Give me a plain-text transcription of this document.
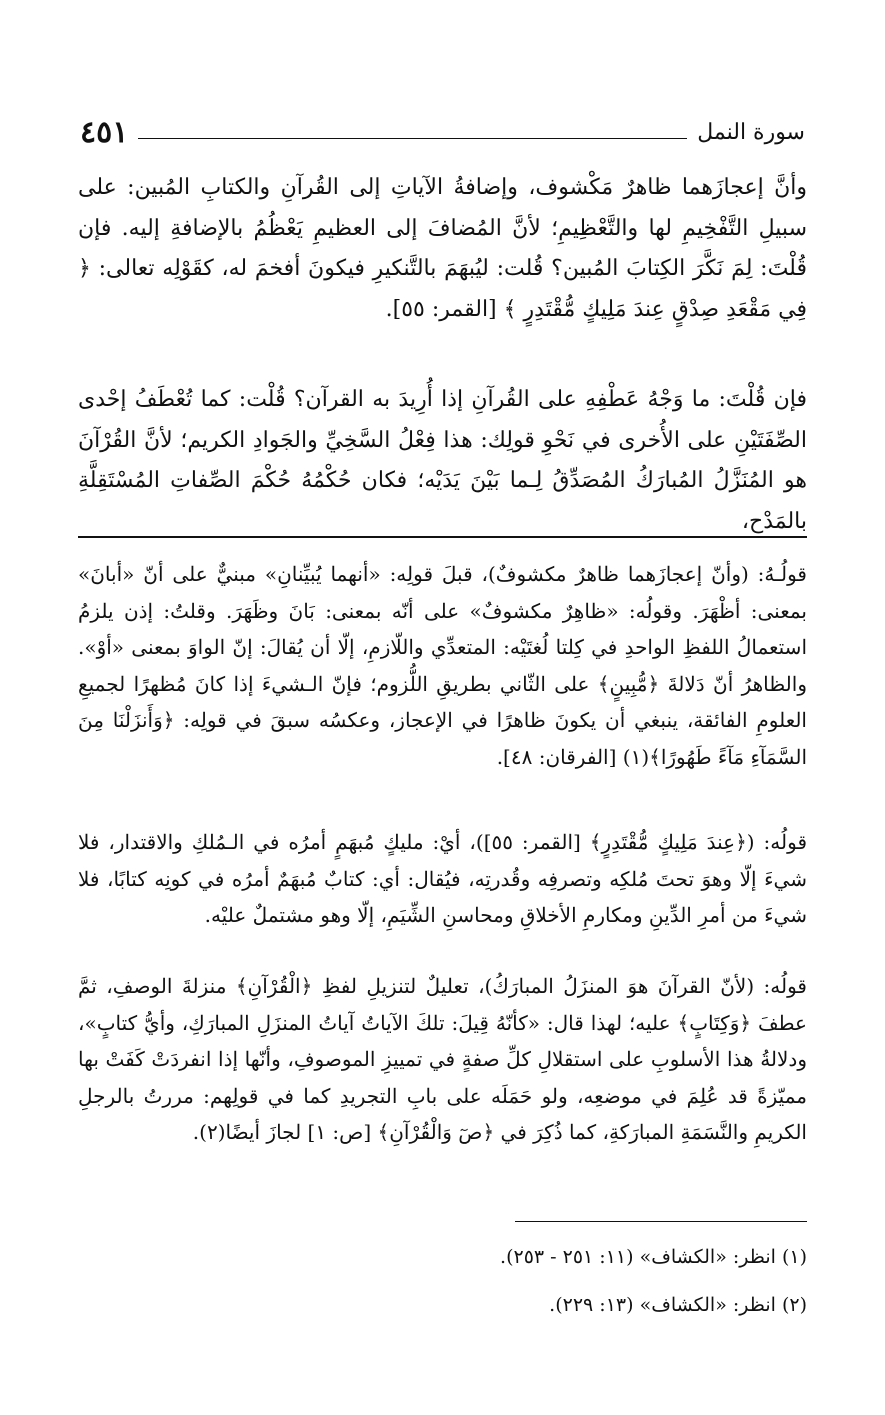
سورة النمل
٤٥١

وأنَّ إعجازَهما ظاهرٌ مَكْشوف، وإضافةُ الآياتِ إلى القُرآنِ والكتابِ المُبين: على سبيلِ التَّفْخِيمِ لها والتَّعْظِيمِ؛ لأنَّ المُضافَ إلى العظيمِ يَعْظُمُ بالإضافةِ إليه. فإن قُلْتَ: لِمَ نَكَّرَ الكِتابَ المُبين؟ قُلت: ليُبهَمَ بالتَّنكيرِ فيكونَ أفخمَ له، كقَوْلِه تعالى: ﴿ فِي مَقْعَدِ صِدْقٍ عِندَ مَلِيكٍ مُّقْتَدِرٍ ﴾ [القمر: ٥٥].

فإن قُلْتَ: ما وَجْهُ عَطْفِهِ على القُرآنِ إذا أُرِيدَ به القرآن؟ قُلْت: كما تُعْطَفُ إحْدى الصِّفَتَيْنِ على الأُخرى في نَحْوِ قولِك: هذا فِعْلُ السَّخِيِّ والجَوادِ الكريم؛ لأنَّ القُرْآنَ هو المُنَزَّلُ المُبارَكُ المُصَدِّقُ لِـما بَيْنَ يَدَيْه؛ فكان حُكْمُهُ حُكْمَ الصِّفاتِ المُسْتَقِلَّةِ بالمَدْح،

قولُـهُ: (وأنّ إعجازَهما ظاهرٌ مكشوفٌ)، قبلَ قولِه: «أنهما يُبيِّنانِ» مبنيٌّ على أنّ «أبانَ» بمعنى: أظْهَرَ. وقولُه: «ظاهِرٌ مكشوفٌ» على أنّه بمعنى: بَانَ وظَهَرَ. وقلتُ: إذن يلزمُ استعمالُ اللفظِ الواحدِ في كِلتا لُغتَيْه: المتعدِّي واللّازمِ، إلّا أن يُقالَ: إنّ الواوَ بمعنى «أوْ». والظاهرُ أنّ دَلالةَ ﴿مُّبِينٍ﴾ على الثّاني بطريقِ اللُّزوم؛ فإنّ الـشيءَ إذا كانَ مُظهرًا لجميعِ العلومِ الفائقة، ينبغي أن يكونَ ظاهرًا في الإعجاز، وعكسُه سبقَ في قولِه: ﴿وَأَنزَلْنَا مِنَ السَّمَآءِ مَآءً طَهُورًا﴾(١) [الفرقان: ٤٨].

قولُه: (﴿عِندَ مَلِيكٍ مُّقْتَدِرٍ﴾ [القمر: ٥٥])، أيْ: مليكٍ مُبهَمٍ أمرُه في الـمُلكِ والاقتدار، فلا شيءَ إلّا وهوَ تحتَ مُلكِه وتصرفِه وقُدرتِه، فيُقال: أي: كتابٌ مُبهَمٌ أمرُه في كونِه كتابًا، فلا شيءَ من أمرِ الدِّينِ ومكارمِ الأخلاقِ ومحاسنِ الشِّيَمِ، إلّا وهو مشتملٌ عليْه.

قولُه: (لأنّ القرآنَ هوَ المنزَلُ المبارَكُ)، تعليلٌ لتنزيلِ لفظِ ﴿الْقُرْآنِ﴾ منزلةَ الوصفِ، ثمَّ عطفَ ﴿وَكِتَابٍ﴾ عليه؛ لهذا قال: «كأنّهُ قِيلَ: تلكَ الآياتُ آياتُ المنزَلِ المبارَكِ، وأيُّ كتابٍ»، ودلالةُ هذا الأسلوبِ على استقلالِ كلِّ صفةٍ في تمييزِ الموصوفِ، وأنّها إذا انفردَتْ كَفَتْ بها مميّزةً قد عُلِمَ في موضعِه، ولو حَمَلَه على بابِ التجريدِ كما في قولِهم: مررتُ بالرجلِ الكريمِ والنَّسَمَةِ المبارَكةِ، كما ذُكِرَ في ﴿صٓ وَالْقُرْآنِ﴾ [ص: ١] لجازَ أيضًا(٢).

(١) انظر: «الكشاف» (١١: ٢٥١ - ٢٥٣).
(٢) انظر: «الكشاف» (١٣: ٢٢٩).
